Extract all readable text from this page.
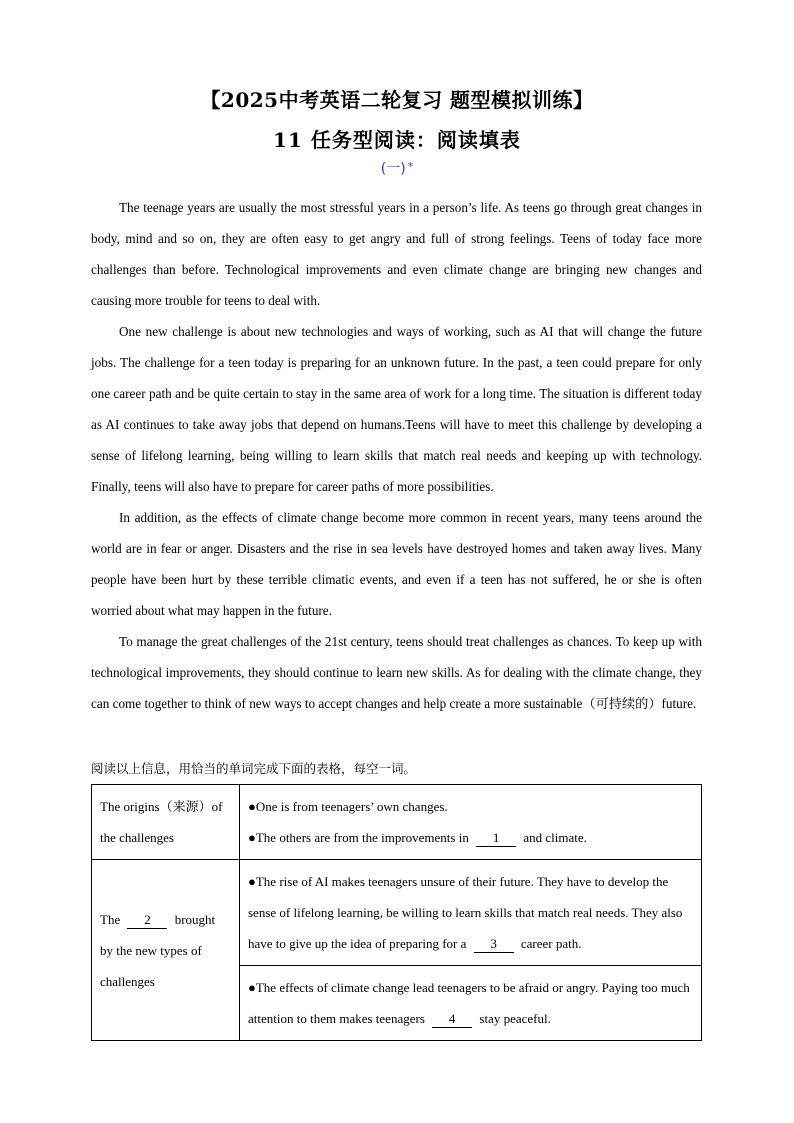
【2025中考英语二轮复习 题型模拟训练】
11 任务型阅读：阅读填表
(一) *

The teenage years are usually the most stressful years in a person’s life. As teens go through great changes in body, mind and so on, they are often easy to get angry and full of strong feelings. Teens of today face more challenges than before. Technological improvements and even climate change are bringing new changes and causing more trouble for teens to deal with.

One new challenge is about new technologies and ways of working, such as AI that will change the future jobs. The challenge for a teen today is preparing for an unknown future. In the past, a teen could prepare for only one career path and be quite certain to stay in the same area of work for a long time. The situation is different today as AI continues to take away jobs that depend on humans.Teens will have to meet this challenge by developing a sense of lifelong learning, being willing to learn skills that match real needs and keeping up with technology. Finally, teens will also have to prepare for career paths of more possibilities.

In addition, as the effects of climate change become more common in recent years, many teens around the world are in fear or anger. Disasters and the rise in sea levels have destroyed homes and taken away lives. Many people have been hurt by these terrible climatic events, and even if a teen has not suffered, he or she is often worried about what may happen in the future.

To manage the great challenges of the 21st century, teens should treat challenges as chances. To keep up with technological improvements, they should continue to learn new skills. As for dealing with the climate change, they can come together to think of new ways to accept changes and help create a more sustainable（可持续的）future.

阅读以上信息，用恰当的单词完成下面的表格，每空一词。
The origins（来源）of the challenges	●One is from teenagers’ own changes.
●The others are from the improvements in 1 and climate.

The 2 brought by the new types of challenges	●The rise of AI makes teenagers unsure of their future. They have to develop the sense of lifelong learning, be willing to learn skills that match real needs. They also have to give up the idea of preparing for a 3 career path.
	●The effects of climate change lead teenagers to be afraid or angry. Paying too much attention to them makes teenagers 4 stay peaceful.
